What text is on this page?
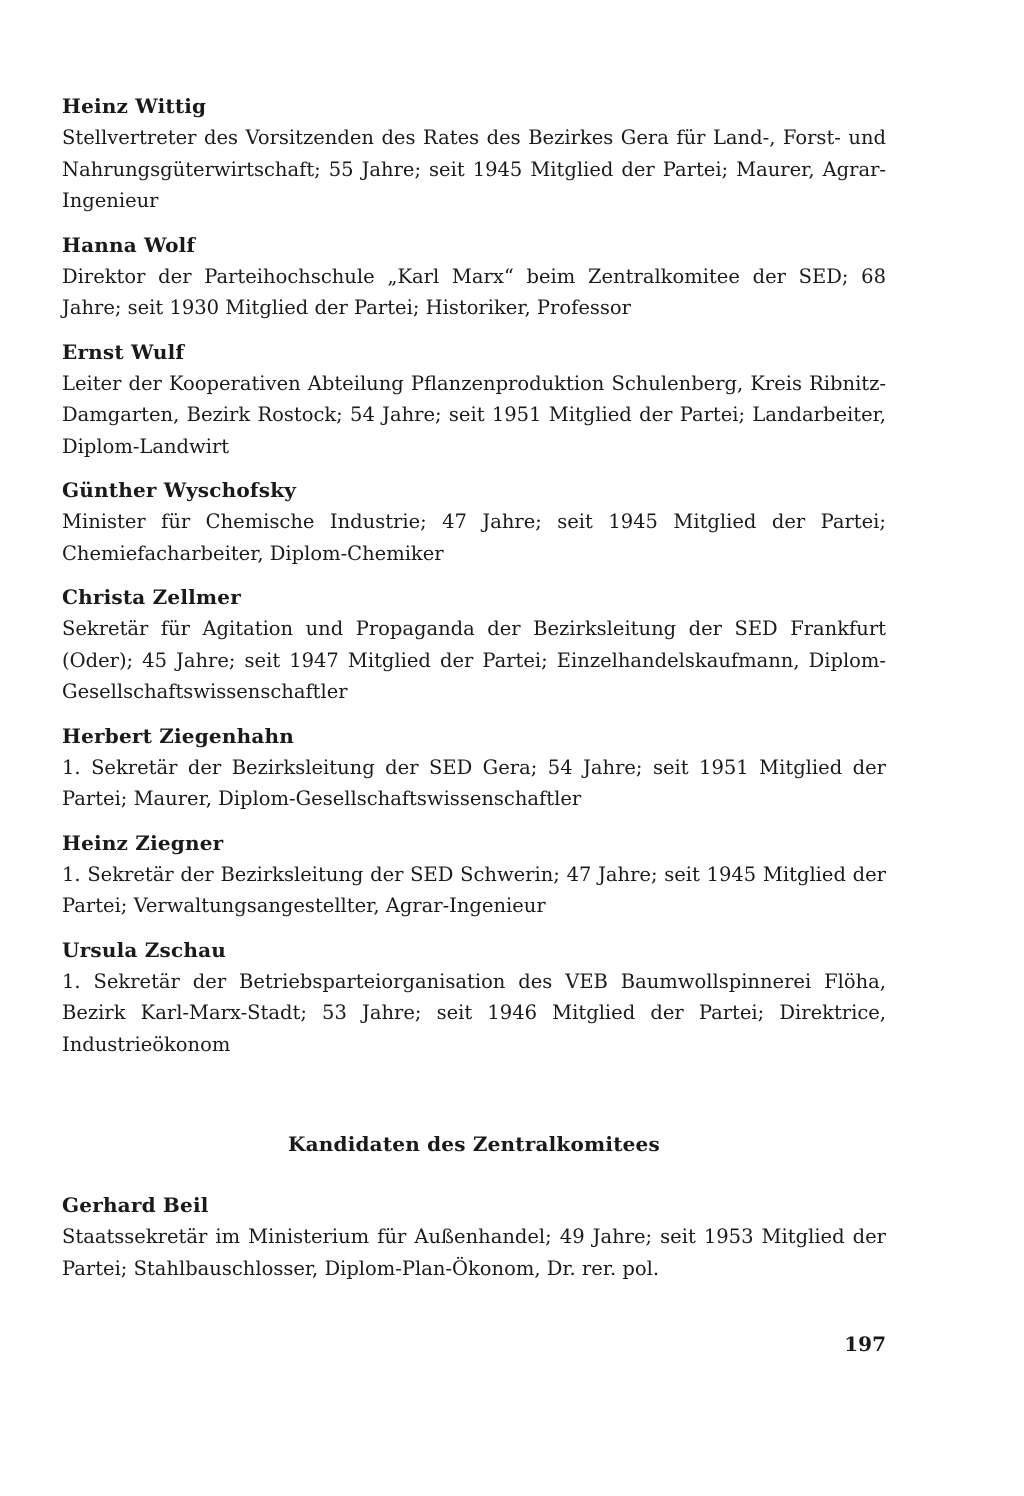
Heinz Wittig

Stellvertreter des Vorsitzenden des Rates des Bezirkes Gera für Land-, Forst- und Nahrungsgüterwirtschaft; 55 Jahre; seit 1945 Mitglied der Partei; Maurer, Agrar-Ingenieur

Hanna Wolf

Direktor der Parteihochschule „Karl Marx“ beim Zentralkomitee der SED; 68 Jahre; seit 1930 Mitglied der Partei; Historiker, Professor

Ernst Wulf

Leiter der Kooperativen Abteilung Pflanzenproduktion Schulenberg, Kreis Ribnitz-Damgarten, Bezirk Rostock; 54 Jahre; seit 1951 Mitglied der Partei; Landarbeiter, Diplom-Landwirt

Günther Wyschofsky

Minister für Chemische Industrie; 47 Jahre; seit 1945 Mitglied der Partei; Chemiefacharbeiter, Diplom-Chemiker

Christa Zellmer

Sekretär für Agitation und Propaganda der Bezirksleitung der SED Frankfurt (Oder); 45 Jahre; seit 1947 Mitglied der Partei; Einzelhandelskaufmann, Diplom-Gesellschaftswissenschaftler

Herbert Ziegenhahn

1. Sekretär der Bezirksleitung der SED Gera; 54 Jahre; seit 1951 Mitglied der Partei; Maurer, Diplom-Gesellschaftswissenschaftler

Heinz Ziegner

1. Sekretär der Bezirksleitung der SED Schwerin; 47 Jahre; seit 1945 Mitglied der Partei; Verwaltungsangestellter, Agrar-Ingenieur

Ursula Zschau

1. Sekretär der Betriebsparteiorganisation des VEB Baumwollspinnerei Flöha, Bezirk Karl-Marx-Stadt; 53 Jahre; seit 1946 Mitglied der Partei; Direktrice, Industrieökonom

Kandidaten des Zentralkomitees

Gerhard Beil

Staatssekretär im Ministerium für Außenhandel; 49 Jahre; seit 1953 Mitglied der Partei; Stahlbauschlosser, Diplom-Plan-Ökonom, Dr. rer. pol.

197
